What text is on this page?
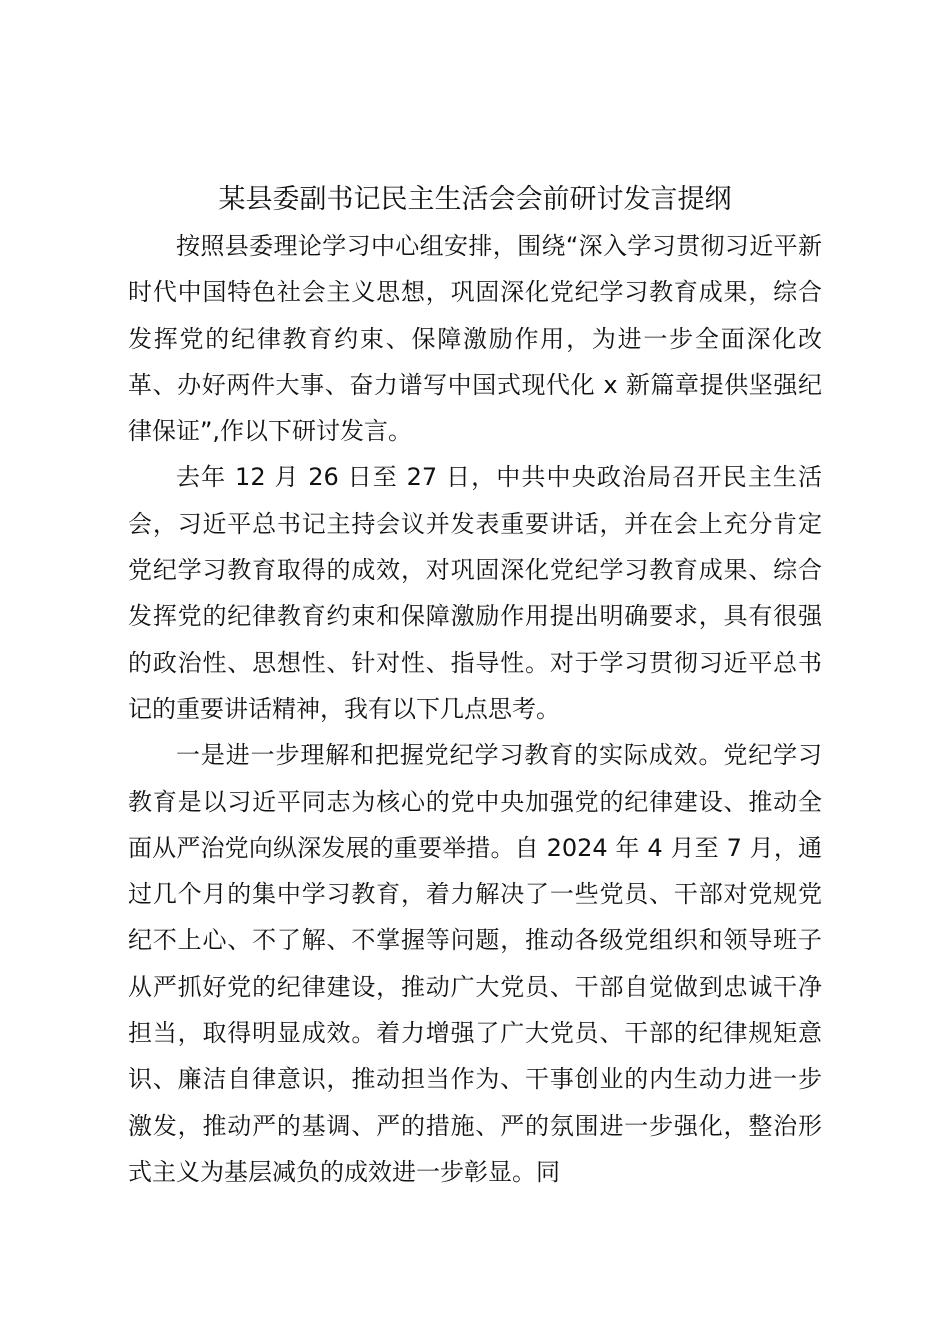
某县委副书记民主生活会会前研讨发言提纲

按照县委理论学习中心组安排，围绕“深入学习贯彻习近平新时代中国特色社会主义思想，巩固深化党纪学习教育成果，综合发挥党的纪律教育约束、保障激励作用，为进一步全面深化改革、办好两件大事、奋力谱写中国式现代化 x 新篇章提供坚强纪律保证”,作以下研讨发言。

去年 12 月 26 日至 27 日，中共中央政治局召开民主生活会，习近平总书记主持会议并发表重要讲话，并在会上充分肯定党纪学习教育取得的成效，对巩固深化党纪学习教育成果、综合发挥党的纪律教育约束和保障激励作用提出明确要求，具有很强的政治性、思想性、针对性、指导性。对于学习贯彻习近平总书记的重要讲话精神，我有以下几点思考。

一是进一步理解和把握党纪学习教育的实际成效。党纪学习教育是以习近平同志为核心的党中央加强党的纪律建设、推动全面从严治党向纵深发展的重要举措。自 2024 年 4 月至 7 月，通过几个月的集中学习教育，着力解决了一些党员、干部对党规党纪不上心、不了解、不掌握等问题，推动各级党组织和领导班子从严抓好党的纪律建设，推动广大党员、干部自觉做到忠诚干净担当，取得明显成效。着力增强了广大党员、干部的纪律规矩意识、廉洁自律意识，推动担当作为、干事创业的内生动力进一步激发，推动严的基调、严的措施、严的氛围进一步强化，整治形式主义为基层减负的成效进一步彰显。同
